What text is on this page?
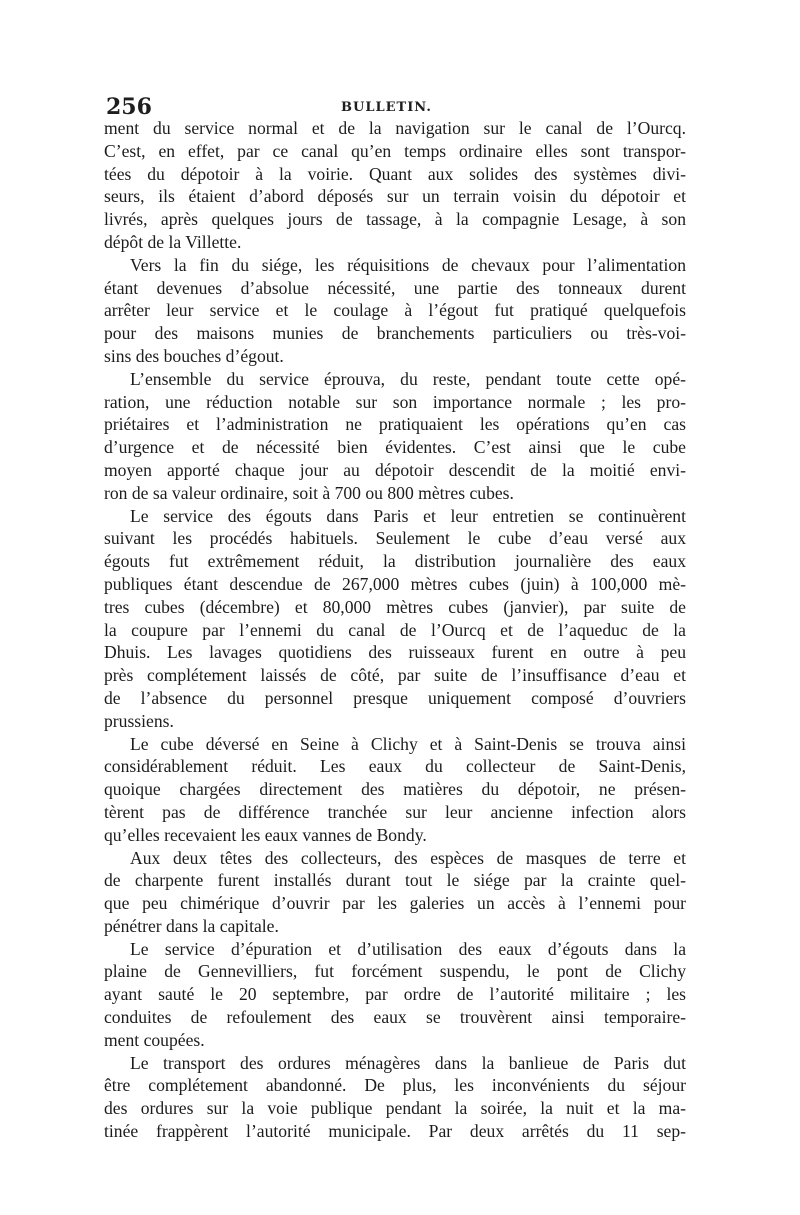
256	BULLETIN.
ment du service normal et de la navigation sur le canal de l’Ourcq.
C’est, en effet, par ce canal qu’en temps ordinaire elles sont transpor-
tées du dépotoir à la voirie. Quant aux solides des systèmes divi-
seurs, ils étaient d’abord déposés sur un terrain voisin du dépotoir et
livrés, après quelques jours de tassage, à la compagnie Lesage, à son
dépôt de la Villette.
Vers la fin du siége, les réquisitions de chevaux pour l’alimentation
étant devenues d’absolue nécessité, une partie des tonneaux durent
arrêter leur service et le coulage à l’égout fut pratiqué quelquefois
pour des maisons munies de branchements particuliers ou très-voi-
sins des bouches d’égout.
L’ensemble du service éprouva, du reste, pendant toute cette opé-
ration, une réduction notable sur son importance normale ; les pro-
priétaires et l’administration ne pratiquaient les opérations qu’en cas
d’urgence et de nécessité bien évidentes. C’est ainsi que le cube
moyen apporté chaque jour au dépotoir descendit de la moitié envi-
ron de sa valeur ordinaire, soit à 700 ou 800 mètres cubes.
Le service des égouts dans Paris et leur entretien se continuèrent
suivant les procédés habituels. Seulement le cube d’eau versé aux
égouts fut extrêmement réduit, la distribution journalière des eaux
publiques étant descendue de 267,000 mètres cubes (juin) à 100,000 mè-
tres cubes (décembre) et 80,000 mètres cubes (janvier), par suite de
la coupure par l’ennemi du canal de l’Ourcq et de l’aqueduc de la
Dhuis. Les lavages quotidiens des ruisseaux furent en outre à peu
près complétement laissés de côté, par suite de l’insuffisance d’eau et
de l’absence du personnel presque uniquement composé d’ouvriers
prussiens.
Le cube déversé en Seine à Clichy et à Saint-Denis se trouva ainsi
considérablement réduit. Les eaux du collecteur de Saint-Denis,
quoique chargées directement des matières du dépotoir, ne présen-
tèrent pas de différence tranchée sur leur ancienne infection alors
qu’elles recevaient les eaux vannes de Bondy.
Aux deux têtes des collecteurs, des espèces de masques de terre et
de charpente furent installés durant tout le siége par la crainte quel-
que peu chimérique d’ouvrir par les galeries un accès à l’ennemi pour
pénétrer dans la capitale.
Le service d’épuration et d’utilisation des eaux d’égouts dans la
plaine de Gennevilliers, fut forcément suspendu, le pont de Clichy
ayant sauté le 20 septembre, par ordre de l’autorité militaire ; les
conduites de refoulement des eaux se trouvèrent ainsi temporaire-
ment coupées.
Le transport des ordures ménagères dans la banlieue de Paris dut
être complétement abandonné. De plus, les inconvénients du séjour
des ordures sur la voie publique pendant la soirée, la nuit et la ma-
tinée frappèrent l’autorité municipale. Par deux arrêtés du 11 sep-
